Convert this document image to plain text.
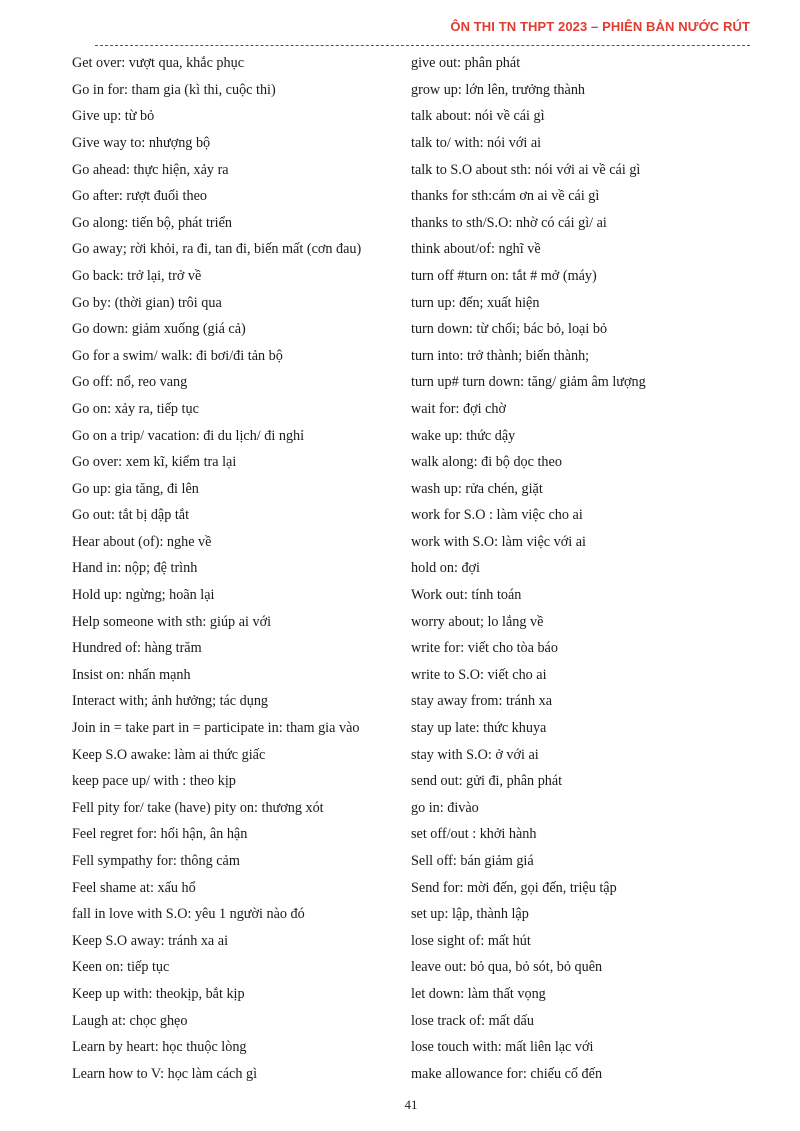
ÔN THI TN THPT 2023 – PHIÊN BẢN NƯỚC RÚT
Get over: vượt qua, khắc phục	give out: phân phát
Go in for: tham gia (kì thi, cuộc thi)	grow up: lớn lên, trưởng thành
Give up: từ bỏ	talk about: nói về cái gì
Give way to: nhượng bộ	talk to/ with: nói với ai
Go ahead: thực hiện, xảy ra	talk to S.O about sth: nói với ai về cái gì
Go after: rượt đuổi theo	thanks for sth:cám ơn ai về cái gì
Go along: tiến bộ, phát triển	thanks to sth/S.O: nhờ có cái gì/ ai
Go away; rời khỏi, ra đi, tan đi, biến mất (cơn đau)	think about/of: nghĩ về
Go back: trở lại, trở về	turn off #turn on: tắt # mở (máy)
Go by: (thời gian) trôi qua	turn up: đến; xuất hiện
Go down: giảm xuống (giá cả)	turn down: từ chối; bác bỏ, loại bỏ
Go for a swim/ walk: đi bơi/đi tản bộ	turn into: trở thành; biến thành;
Go off: nổ, reo vang	turn up# turn down: tăng/ giảm âm lượng
Go on: xảy ra, tiếp tục	wait for: đợi chờ
Go on a trip/ vacation: đi du lịch/ đi nghỉ	wake up: thức dậy
Go over: xem kĩ, kiểm tra lại	walk along: đi bộ dọc theo
Go up: gia tăng, đi lên	wash up: rửa chén, giặt
Go out: tắt bị dập tắt	work for S.O : làm việc cho ai
Hear about (of): nghe về	work with S.O: làm việc với ai
Hand in: nộp; đệ trình	hold on: đợi
Hold up: ngừng; hoãn lại	Work out: tính toán
Help someone with sth: giúp ai với	worry about; lo lắng về
Hundred of: hàng trăm	write for: viết cho tòa báo
Insist on: nhấn mạnh	write to S.O: viết cho ai
Interact with; ảnh hưởng; tác dụng	stay away from: tránh xa
Join in = take part in = participate in: tham gia vào	stay up late: thức khuya
Keep S.O awake: làm ai thức giấc	stay with S.O: ở với ai
keep pace up/ with : theo kịp	send out: gửi đi, phân phát
Fell pity for/ take (have) pity on: thương xót	go in: đivào
Feel regret for: hối hận, ân hận	set off/out : khởi hành
Fell sympathy for: thông cảm	Sell off: bán giảm giá
Feel shame at: xấu hổ	Send for: mời đến, gọi đến, triệu tập
fall in love with S.O: yêu 1 người nào đó	set up: lập, thành lập
Keep S.O away: tránh xa ai	lose sight of: mất hút
Keen on: tiếp tục	leave out: bỏ qua, bỏ sót, bỏ quên
Keep up with: theokịp, bắt kịp	let down: làm thất vọng
Laugh at: chọc ghẹo	lose track of: mất dấu
Learn by heart: học thuộc lòng	lose touch with: mất liên lạc với
Learn how to V: học làm cách gì	make allowance for: chiếu cố đến
41
